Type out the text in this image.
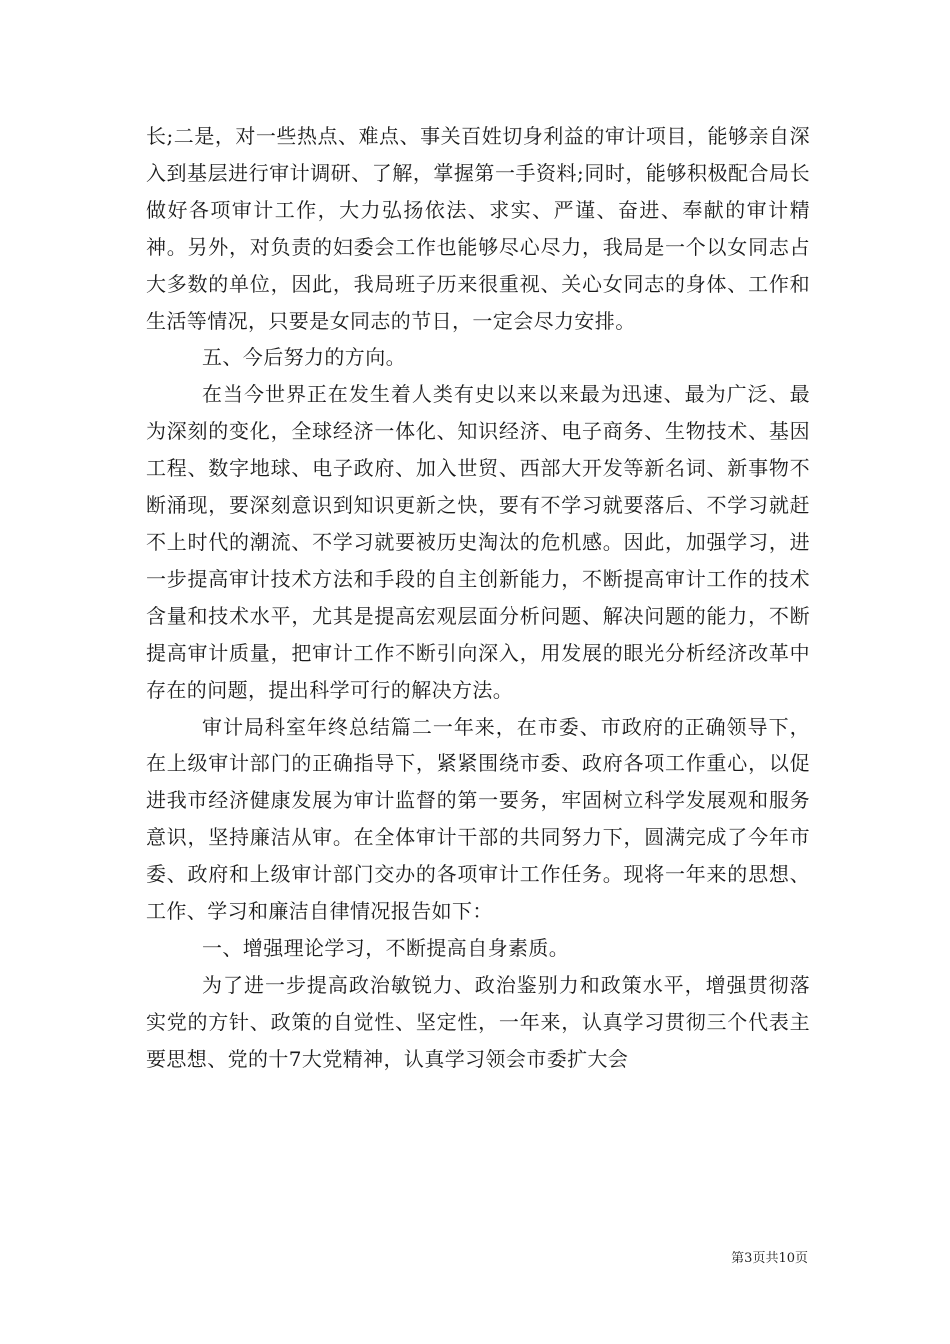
长;二是，对一些热点、难点、事关百姓切身利益的审计项目，能够亲自深入到基层进行审计调研、了解，掌握第一手资料;同时，能够积极配合局长做好各项审计工作，大力弘扬依法、求实、严谨、奋进、奉献的审计精神。另外，对负责的妇委会工作也能够尽心尽力，我局是一个以女同志占大多数的单位，因此，我局班子历来很重视、关心女同志的身体、工作和生活等情况，只要是女同志的节日，一定会尽力安排。

五、今后努力的方向。

在当今世界正在发生着人类有史以来以来最为迅速、最为广泛、最为深刻的变化，全球经济一体化、知识经济、电子商务、生物技术、基因工程、数字地球、电子政府、加入世贸、西部大开发等新名词、新事物不断涌现，要深刻意识到知识更新之快，要有不学习就要落后、不学习就赶不上时代的潮流、不学习就要被历史淘汰的危机感。因此，加强学习，进一步提高审计技术方法和手段的自主创新能力，不断提高审计工作的技术含量和技术水平，尤其是提高宏观层面分析问题、解决问题的能力，不断提高审计质量，把审计工作不断引向深入，用发展的眼光分析经济改革中存在的问题，提出科学可行的解决方法。

审计局科室年终总结篇二一年来，在市委、市政府的正确领导下，在上级审计部门的正确指导下，紧紧围绕市委、政府各项工作重心，以促进我市经济健康发展为审计监督的第一要务，牢固树立科学发展观和服务意识，坚持廉洁从审。在全体审计干部的共同努力下，圆满完成了今年市委、政府和上级审计部门交办的各项审计工作任务。现将一年来的思想、工作、学习和廉洁自律情况报告如下：

一、增强理论学习，不断提高自身素质。

为了进一步提高政治敏锐力、政治鉴别力和政策水平，增强贯彻落实党的方针、政策的自觉性、坚定性，一年来，认真学习贯彻三个代表主要思想、党的十7大党精神，认真学习领会市委扩大会

第3页共10页
